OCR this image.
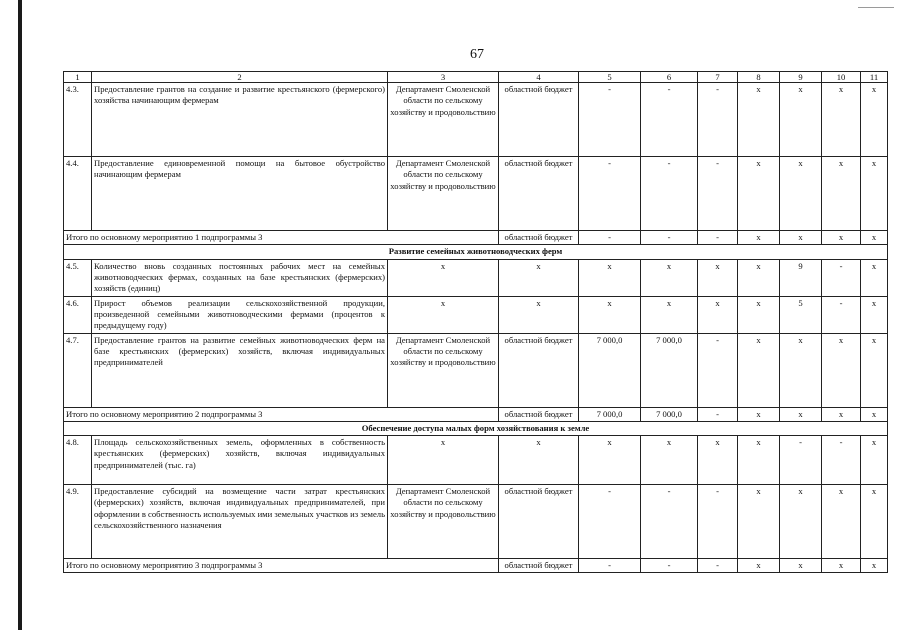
67
1	2	3	4	5	6	7	8	9	10	11
4.3.	Предоставление грантов на создание и развитие крестьянского (фермерского) хозяйства начинающим фермерам	Департамент Смоленской области по сельскому хозяйству и продовольствию	областной бюджет	-	-	-	x	x	x	x
4.4.	Предоставление единовременной помощи на бытовое обустройство начинающим фермерам	Департамент Смоленской области по сельскому хозяйству и продовольствию	областной бюджет	-	-	-	x	x	x	x
Итого по основному мероприятию 1 подпрограммы 3			областной бюджет	-	-	-	x	x	x	x
Развитие семейных животноводческих ферм										
4.5.	Количество вновь созданных постоянных рабочих мест на семейных животноводческих фермах, созданных на базе крестьянских (фермерских) хозяйств (единиц)	x	x	x	x	x	x	9	-	x
4.6.	Прирост объемов реализации сельскохозяйственной продукции, произведенной семейными животноводческими фермами (процентов к предыдущему году)	x	x	x	x	x	x	5	-	x
4.7.	Предоставление грантов на развитие семейных животноводческих ферм на базе крестьянских (фермерских) хозяйств, включая индивидуальных предпринимателей	Департамент Смоленской области по сельскому хозяйству и продовольствию	областной бюджет	7 000,0	7 000,0	-	x	x	x	x
Итого по основному мероприятию 2 подпрограммы 3			областной бюджет	7 000,0	7 000,0	-	x	x	x	x
Обеспечение доступа малых форм хозяйствования к земле										
4.8.	Площадь сельскохозяйственных земель, оформленных в собственность крестьянских (фермерских) хозяйств, включая индивидуальных предпринимателей (тыс. га)	x	x	x	x	x	x	-	-	x
4.9.	Предоставление субсидий на возмещение части затрат крестьянских (фермерских) хозяйств, включая индивидуальных предпринимателей, при оформлении в собственность используемых ими земельных участков из земель сельскохозяйственного назначения	Департамент Смоленской области по сельскому хозяйству и продовольствию	областной бюджет	-	-	-	x	x	x	x
Итого по основному мероприятию 3 подпрограммы 3			областной бюджет	-	-	-	x	x	x	x
